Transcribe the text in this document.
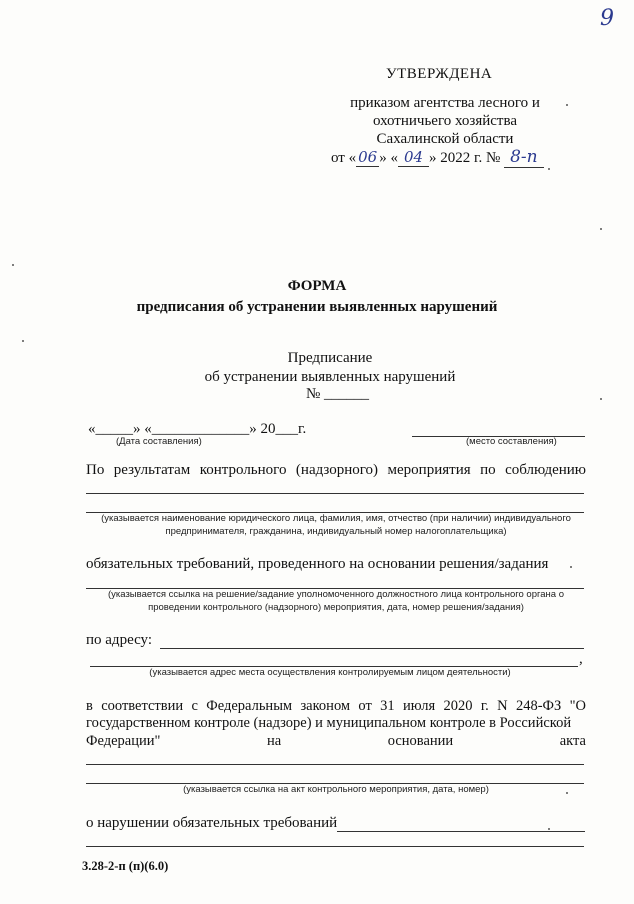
9
УТВЕРЖДЕНА
приказом агентства лесного и
охотничьего хозяйства
Сахалинской области
от « 06 » « 04 » 2022 г. № 8-п
ФОРМА
предписания об устранении выявленных нарушений
Предписание
об устранении выявленных нарушений
№ ______
«_____» «_____________» 20___г.
(Дата составления)	(место составления)
По результатам контрольного (надзорного) мероприятия по соблюдению
(указывается наименование юридического лица, фамилия, имя, отчество (при наличии) индивидуального предпринимателя, гражданина, индивидуальный номер налогоплательщика)
обязательных требований, проведенного на основании решения/задания
(указывается ссылка на решение/задание уполномоченного должностного лица контрольного органа о проведении контрольного (надзорного) мероприятия, дата, номер решения/задания)
по адресу:
,
(указывается адрес места осуществления контролируемым лицом деятельности)
в соответствии с Федеральным законом от 31 июля 2020 г. N 248-ФЗ "О
государственном контроле (надзоре) и муниципальном контроле в Российской
Федерации"	на	основании	акта
(указывается ссылка на акт контрольного мероприятия, дата, номер)
о нарушении обязательных требований
3.28-2-п (п)(6.0)
